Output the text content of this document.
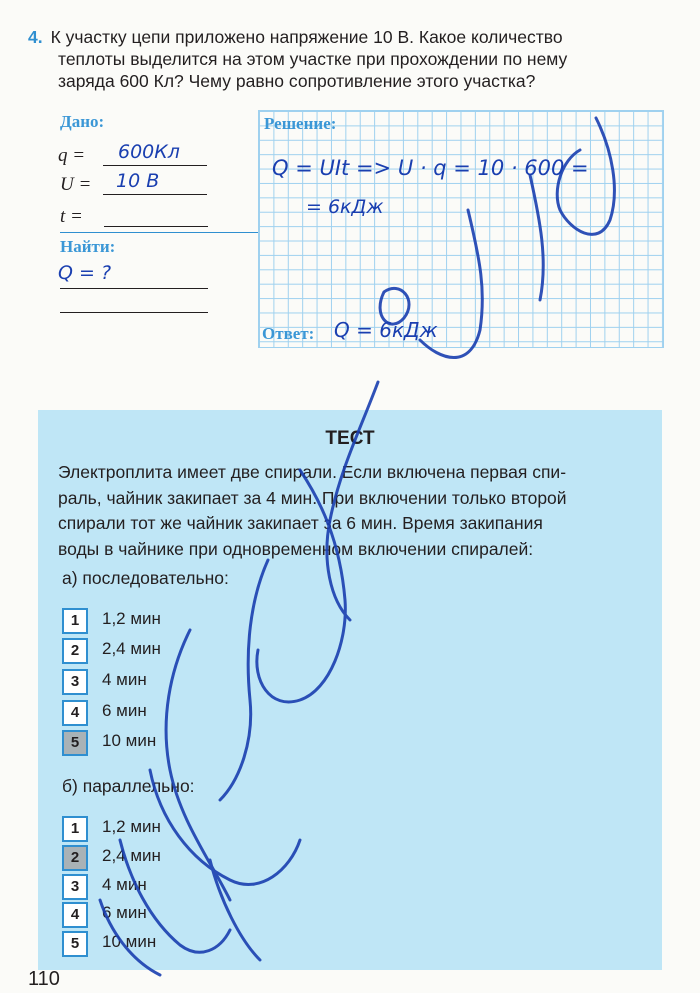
4. К участку цепи приложено напряжение 10 В. Какое количество
теплоты выделится на этом участке при прохождении по нему
заряда 600 Кл? Чему равно сопротивление этого участка?
Дано:
q = 600Кл
U = 10 В
t =
Найти:
Q = ?
Решение:
Q = UIt => U · q = 10 · 600 =
= 6кДж
Ответ: Q = 6кДж
ТЕСТ
Электроплита имеет две спирали. Если включена первая спи-
раль, чайник закипает за 4 мин. При включении только второй
спирали тот же чайник закипает за 6 мин. Время закипания
воды в чайнике при одновременном включении спиралей:
а) последовательно:
1	1,2 мин
2	2,4 мин
3	4 мин
4	6 мин
5	10 мин
б) параллельно:
1	1,2 мин
2	2,4 мин
3	4 мин
4	6 мин
5	10 мин
110
